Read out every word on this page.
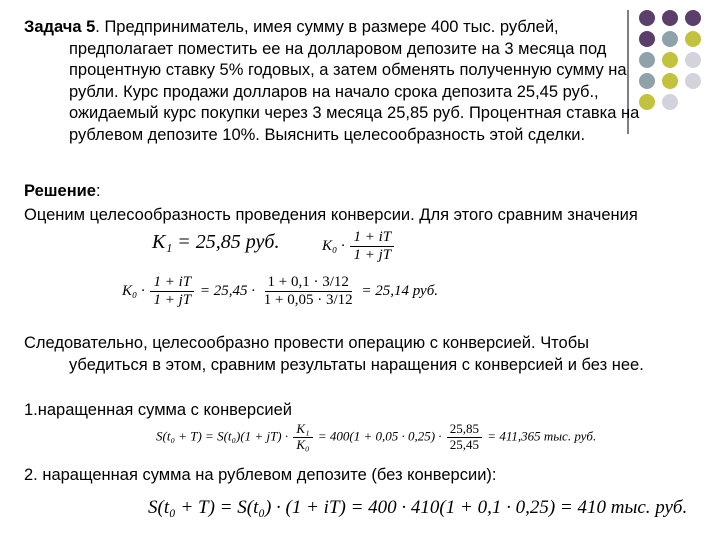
Задача 5. Предприниматель, имея сумму в размере 400 тыс. рублей, предполагает поместить ее на долларовом депозите на 3 месяца под процентную ставку 5% годовых, а затем обменять полученную сумму на рубли. Курс продажи долларов на начало срока депозита 25,45 руб., ожидаемый курс покупки через 3 месяца 25,85 руб. Процентная ставка на рублевом депозите 10%. Выяснить целесообразность этой сделки.
Решение:
Оценим целесообразность проведения конверсии. Для этого сравним значения
K₁ = 25,85 руб.	$K_0 \cdot \frac{1 + iT}{1 + jT}$
$K_0 \cdot \frac{1 + iT}{1 + jT} = 25,45 \cdot \frac{1 + 0,1 \cdot 3/12}{1 + 0,05 \cdot 3/12} = 25,14$ руб.
Следовательно, целесообразно провести операцию с конверсией. Чтобы убедиться в этом, сравним результаты наращения с конверсией и без нее.
1.наращенная сумма с конверсией
$S(t_0 + T) = S(t_0)(1 + jT) \cdot \frac{\text{K₁}}{\text{K₀}} = 400(1 + 0,05 \cdot 0,25) \cdot \frac{25,85}{25,45} = 411,365$ тыс. руб.
2. наращенная сумма на рублевом депозите (без конверсии):
S(t₀ + T) = S(t₀) · (1 + iT) = 400 · 410(1 + 0,1 · 0,25) = 410 тыс. руб.
